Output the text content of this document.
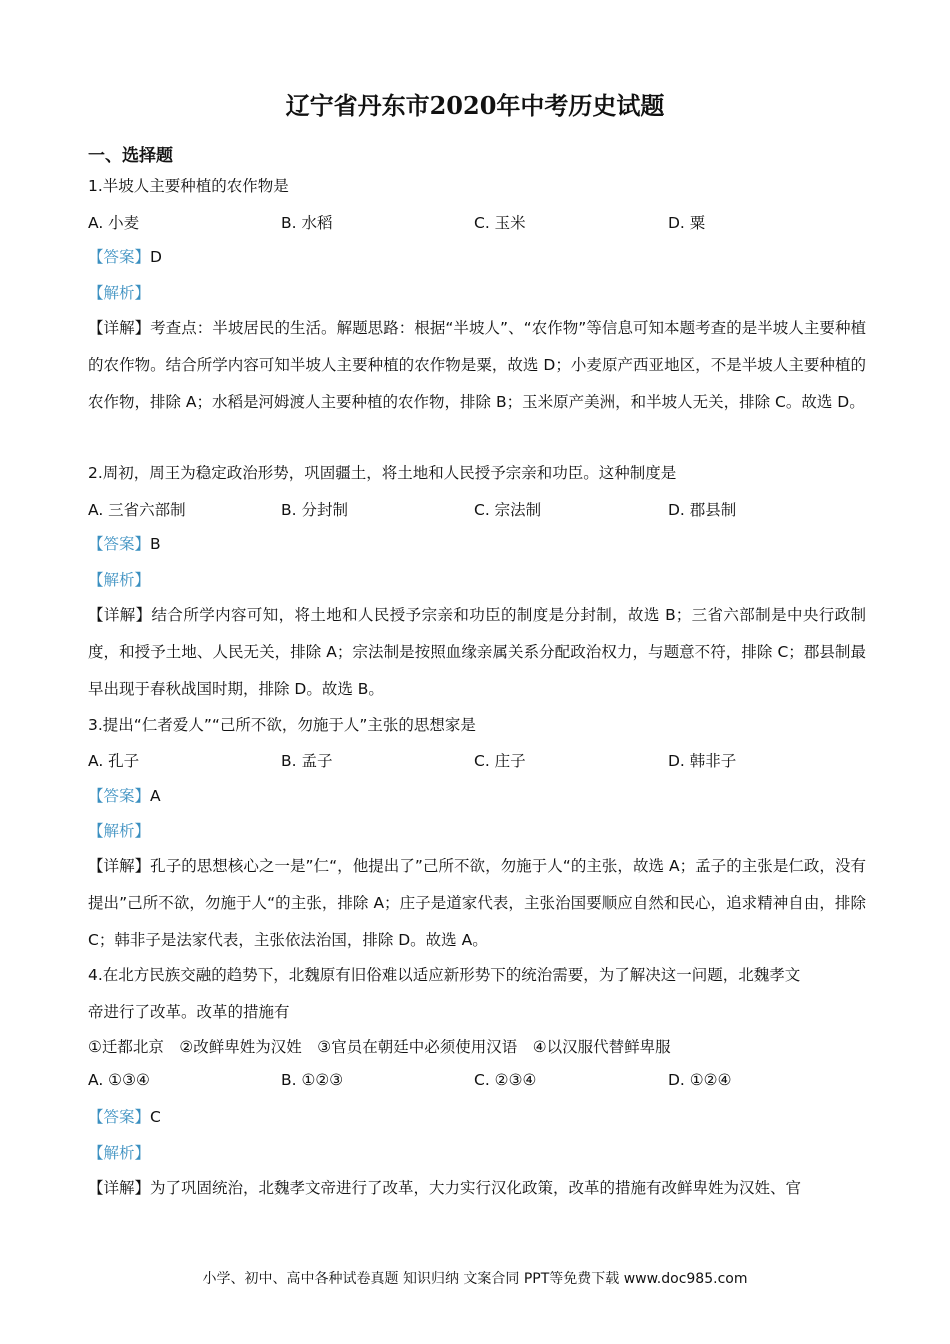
辽宁省丹东市2020年中考历史试题
一、选择题
1.半坡人主要种植的农作物是
A. 小麦	B. 水稻	C. 玉米	D. 粟
【答案】D
【解析】
【详解】考查点：半坡居民的生活。解题思路：根据“半坡人”、“农作物”等信息可知本题考查的是半坡人主要种植的农作物。结合所学内容可知半坡人主要种植的农作物是粟，故选 D；小麦原产西亚地区，不是半坡人主要种植的农作物，排除 A；水稻是河姆渡人主要种植的农作物，排除 B；玉米原产美洲，和半坡人无关，排除 C。故选 D。
2.周初，周王为稳定政治形势，巩固疆土，将土地和人民授予宗亲和功臣。这种制度是
A. 三省六部制	B. 分封制	C. 宗法制	D. 郡县制
【答案】B
【解析】
【详解】结合所学内容可知，将土地和人民授予宗亲和功臣的制度是分封制，故选 B；三省六部制是中央行政制度，和授予土地、人民无关，排除 A；宗法制是按照血缘亲属关系分配政治权力，与题意不符，排除 C；郡县制最早出现于春秋战国时期，排除 D。故选 B。
3.提出“仁者爱人”“己所不欲，勿施于人”主张的思想家是
A. 孔子	B. 孟子	C. 庄子	D. 韩非子
【答案】A
【解析】
【详解】孔子的思想核心之一是”仁“，他提出了”己所不欲，勿施于人“的主张，故选 A；孟子的主张是仁政，没有提出”己所不欲，勿施于人“的主张，排除 A；庄子是道家代表，主张治国要顺应自然和民心，追求精神自由，排除 C；韩非子是法家代表，主张依法治国，排除 D。故选 A。
4.在北方民族交融的趋势下，北魏原有旧俗难以适应新形势下的统治需要，为了解决这一问题，北魏孝文
帝进行了改革。改革的措施有
①迁都北京　②改鲜卑姓为汉姓　③官员在朝廷中必须使用汉语　④以汉服代替鲜卑服
A. ①③④	B. ①②③	C. ②③④	D. ①②④
【答案】C
【解析】
【详解】为了巩固统治，北魏孝文帝进行了改革，大力实行汉化政策，改革的措施有改鲜卑姓为汉姓、官
小学、初中、高中各种试卷真题 知识归纳 文案合同 PPT等免费下载 www.doc985.com
